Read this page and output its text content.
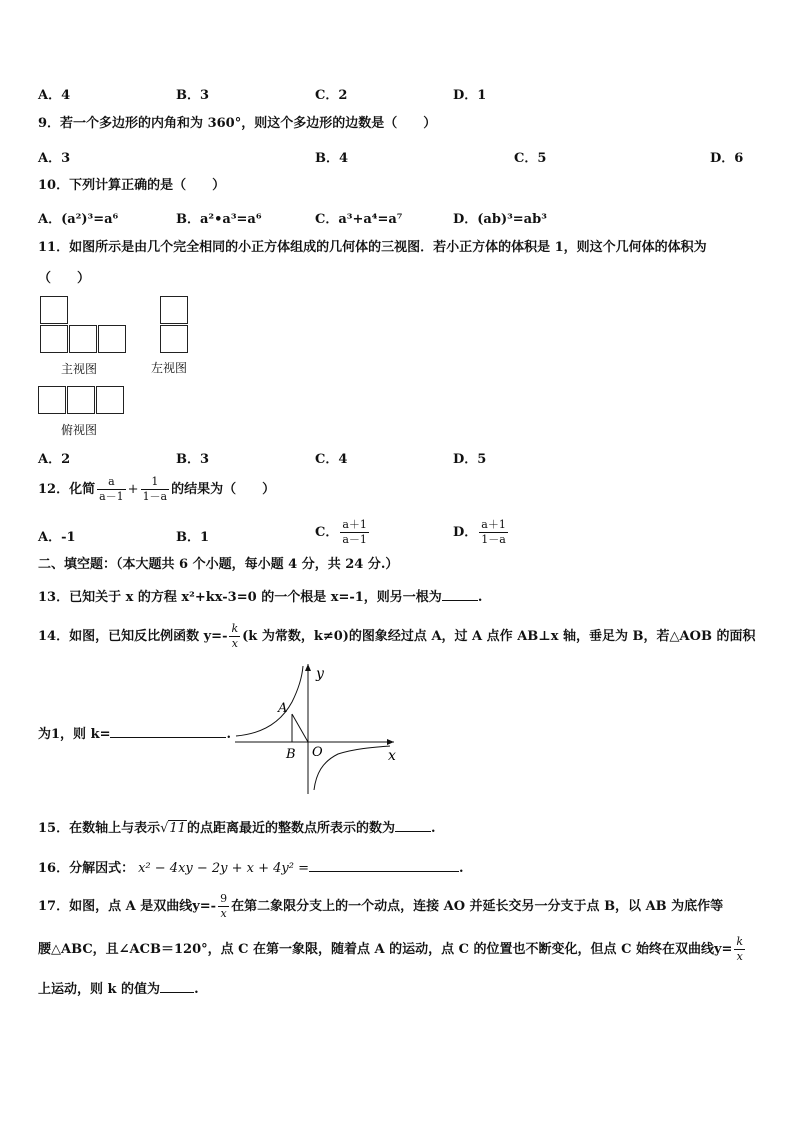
A．4	B．3	C．2	D．1
9．若一个多边形的内角和为 360°，则这个多边形的边数是（　　）
A．3	B．4	C．5	D．6
10．下列计算正确的是（　　）
A．(a²)³=a⁶	B．a²•a³=a⁶	C．a³+a⁴=a⁷	D．(ab)³=ab³
11．如图所示是由几个完全相同的小正方体组成的几何体的三视图．若小正方体的体积是 1，则这个几何体的体积为
（　　）
主视图	左视图
俯视图
A．2	B．3	C．4	D．5
12．化简 $\frac{a}{a-1} + \frac{1}{1-a}$ 的结果为（　　）
A．-1	B．1	C． $\frac{a+1}{a-1}$	D． $\frac{a+1}{1-a}$
二、填空题：（本大题共 6 个小题，每小题 4 分，共 24 分.）
13．已知关于 x 的方程 x²+kx-3=0 的一个根是 x=-1，则另一根为	.
14．如图，已知反比例函数 $y=- \frac{k}{x} (k$ 为常数，k≠0)的图象经过点 A，过 A 点作 AB⊥x 轴，垂足为 B，若△AOB 的面积
为1，则 k=	.
y
x
A
B O
15．在数轴上与表示√11的点距离最近的整数点所表示的数为	.
16．分解因式： x² − 4xy − 2y + x + 4y² =	.
17．如图，点 A 是双曲线$y=- \frac{9}{x}$ 在第二象限分支上的一个动点，连接 AO 并延长交另一分支于点 B，以 AB 为底作等
腰△ABC，且∠ACB＝120°，点 C 在第一象限，随着点 A 的运动，点 C 的位置也不断变化，但点 C 始终在双曲线$y= \frac{k}{x}$
上运动，则 k 的值为	.
